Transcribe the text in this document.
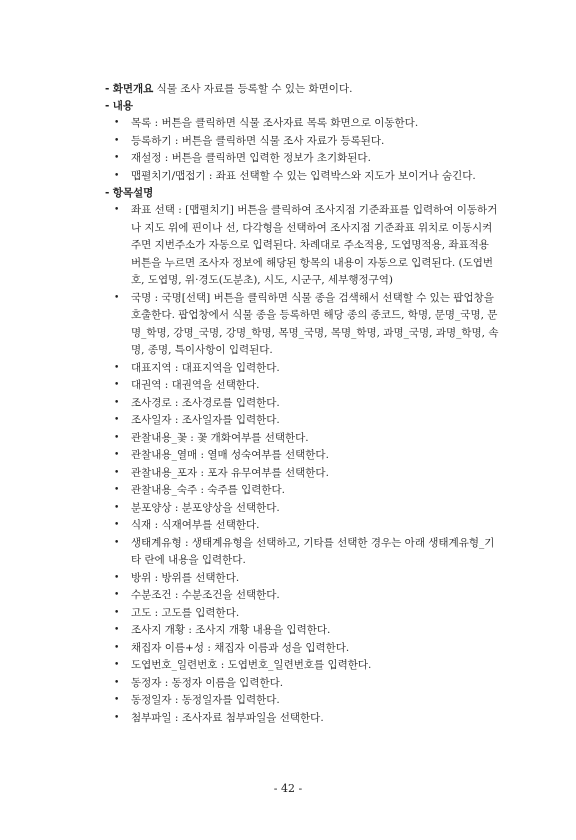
- 화면개요 식물 조사 자료를 등록할 수 있는 화면이다.
- 내용
• 목록 : 버튼을 클릭하면 식물 조사자료 목록 화면으로 이동한다.
• 등록하기 : 버튼을 클릭하면 식물 조사 자료가 등록된다.
• 재설정 : 버튼을 클릭하면 입력한 정보가 초기화된다.
• 맵펼치기/맵접기 : 좌표 선택할 수 있는 입력박스와 지도가 보이거나 숨긴다.
- 항목설명
• 좌표 선택 : [맵펼치기] 버튼을 클릭하여 조사지점 기준좌표를 입력하여 이동하거나 지도 위에 핀이나 선, 다각형을 선택하여 조사지점 기준좌표 위치로 이동시켜 주면 지번주소가 자동으로 입력된다. 차례대로 주소적용, 도엽명적용, 좌표적용 버튼을 누르면 조사자 정보에 해당된 항목의 내용이 자동으로 입력된다. (도엽번호, 도엽명, 위·경도(도분초), 시도, 시군구, 세부행정구역)
• 국명 : 국명[선택] 버튼을 클릭하면 식물 종을 검색해서 선택할 수 있는 팝업창을 호출한다. 팝업창에서 식물 종을 등록하면 해당 종의 종코드, 학명, 문명_국명, 문명_학명, 강명_국명, 강명_학명, 목명_국명, 목명_학명, 과명_국명, 과명_학명, 속명, 종명, 특이사항이 입력된다.
• 대표지역 : 대표지역을 입력한다.
• 대권역 : 대권역을 선택한다.
• 조사경로 : 조사경로를 입력한다.
• 조사일자 : 조사일자를 입력한다.
• 관찰내용_꽃 : 꽃 개화여부를 선택한다.
• 관찰내용_열매 : 열매 성숙여부를 선택한다.
• 관찰내용_포자 : 포자 유무여부를 선택한다.
• 관찰내용_숙주 : 숙주를 입력한다.
• 분포양상 : 분포양상을 선택한다.
• 식재 : 식재여부를 선택한다.
• 생태계유형 : 생태계유형을 선택하고, 기타를 선택한 경우는 아래 생태계유형_기타 란에 내용을 입력한다.
• 방위 : 방위를 선택한다.
• 수분조건 : 수분조건을 선택한다.
• 고도 : 고도를 입력한다.
• 조사지 개황 : 조사지 개황 내용을 입력한다.
• 채집자 이름+성 : 채집자 이름과 성을 입력한다.
• 도엽번호_일련번호 : 도엽번호_일련번호를 입력한다.
• 동정자 : 동정자 이름을 입력한다.
• 동정일자 : 동정일자를 입력한다.
• 첨부파일 : 조사자료 첨부파일을 선택한다.
- 42 -
